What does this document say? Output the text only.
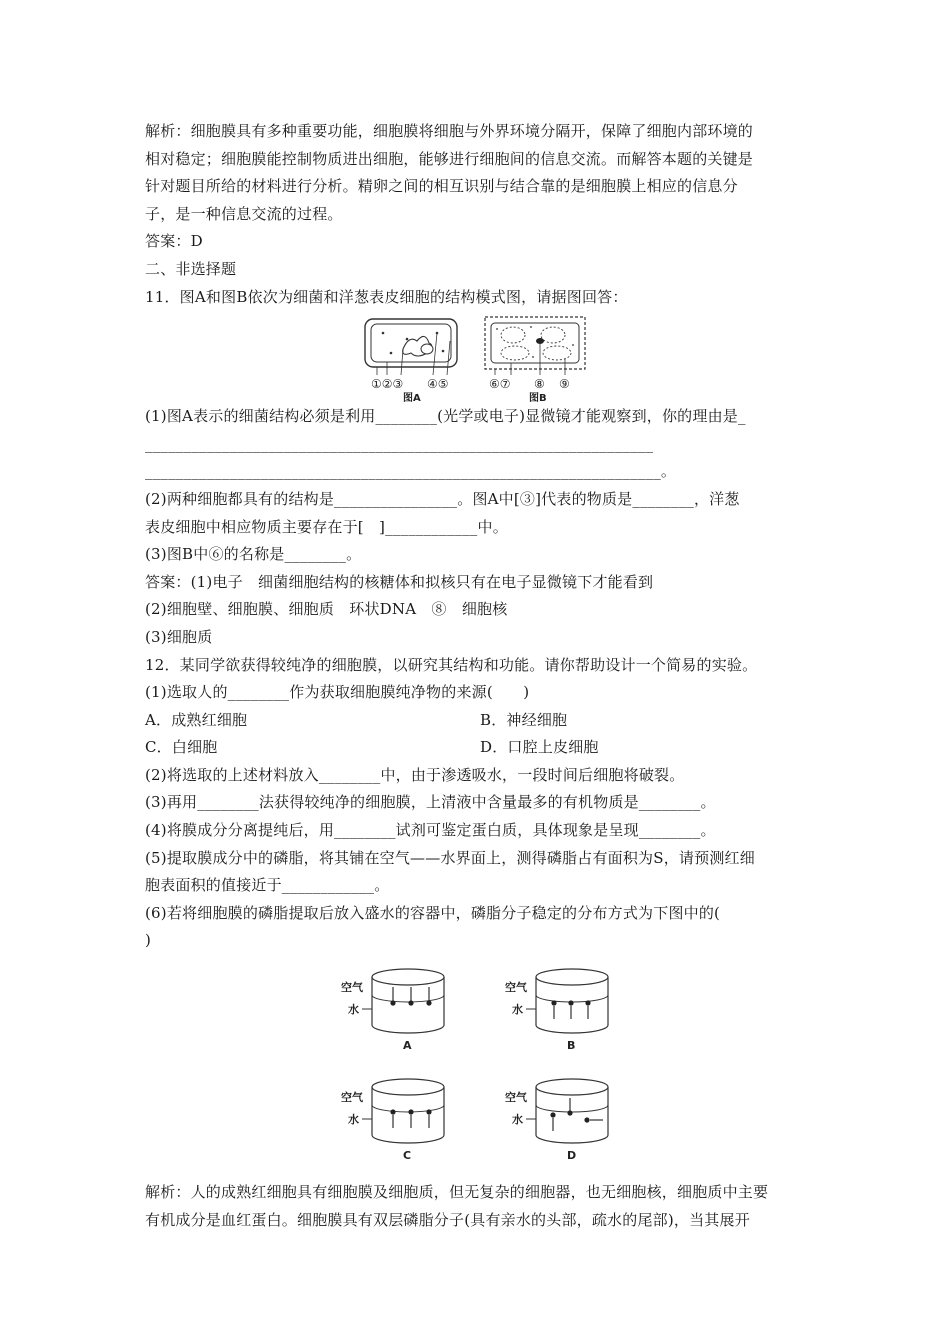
解析：细胞膜具有多种重要功能，细胞膜将细胞与外界环境分隔开，保障了细胞内部环境的
相对稳定；细胞膜能控制物质进出细胞，能够进行细胞间的信息交流。而解答本题的关键是
针对题目所给的材料进行分析。精卵之间的相互识别与结合靠的是细胞膜上相应的信息分
子，是一种信息交流的过程。
答案：D
二、非选择题
11．图A和图B依次为细菌和洋葱表皮细胞的结构模式图，请据图回答：
①②③ ④⑤
图A
⑥⑦ ⑧ ⑨
图B
(1)图A表示的细菌结构必须是利用________(光学或电子)显微镜才能观察到，你的理由是_
__________________________________________________________________
___________________________________________________________________。
(2)两种细胞都具有的结构是________________。图A中[③]代表的物质是________，洋葱
表皮细胞中相应物质主要存在于[　]____________中。
(3)图B中⑥的名称是________。
答案：(1)电子　细菌细胞结构的核糖体和拟核只有在电子显微镜下才能看到
(2)细胞壁、细胞膜、细胞质　环状DNA　⑧　细胞核
(3)细胞质
12．某同学欲获得较纯净的细胞膜，以研究其结构和功能。请你帮助设计一个简易的实验。
(1)选取人的________作为获取细胞膜纯净物的来源(　　)
A．成熟红细胞	B．神经细胞
C．白细胞	D．口腔上皮细胞
(2)将选取的上述材料放入________中，由于渗透吸水，一段时间后细胞将破裂。
(3)再用________法获得较纯净的细胞膜，上清液中含量最多的有机物质是________。
(4)将膜成分分离提纯后，用________试剂可鉴定蛋白质，具体现象是呈现________。
(5)提取膜成分中的磷脂，将其铺在空气——水界面上，测得磷脂占有面积为S，请预测红细
胞表面积的值接近于____________。
(6)若将细胞膜的磷脂提取后放入盛水的容器中，磷脂分子稳定的分布方式为下图中的(
)
空气
水
A
空气
水
B
空气
水
C
空气
水
D
解析：人的成熟红细胞具有细胞膜及细胞质，但无复杂的细胞器，也无细胞核，细胞质中主要
有机成分是血红蛋白。细胞膜具有双层磷脂分子(具有亲水的头部，疏水的尾部)，当其展开
